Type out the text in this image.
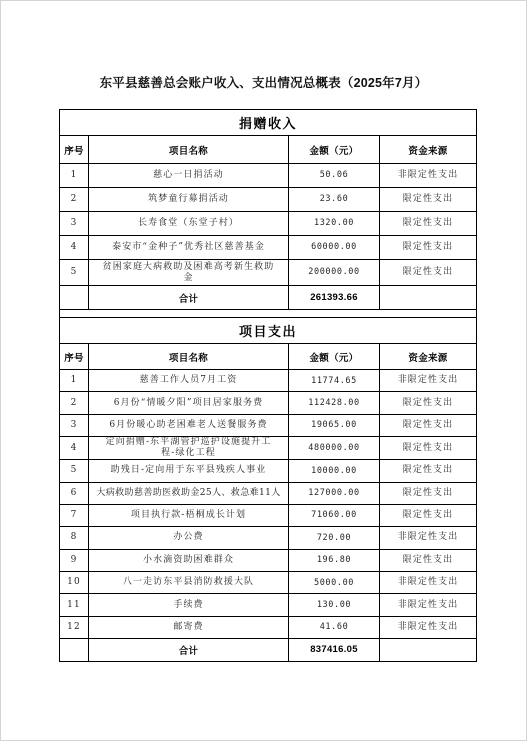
东平县慈善总会账户收入、支出情况总概表（2025年7月）
捐赠收入			
序号	项目名称	金额（元）	资金来源
1	慈心一日捐活动	50.06	非限定性支出
2	筑梦童行募捐活动	23.60	限定性支出
3	长寿食堂（东堂子村）	1320.00	限定性支出
4	泰安市“金种子”优秀社区慈善基金	60000.00	限定性支出
5	贫困家庭大病救助及困难高考新生救助金	200000.00	限定性支出
	合计	261393.66	

项目支出			
序号	项目名称	金额（元）	资金来源
1	慈善工作人员7月工资	11774.65	非限定性支出
2	6月份“情暖夕阳”项目居家服务费	112428.00	限定性支出
3	6月份暖心助老困难老人送餐服务费	19065.00	限定性支出
4	定向捐赠-东平湖管护巡护设施提升工程-绿化工程	480000.00	限定性支出
5	助残日-定向用于东平县残疾人事业	10000.00	限定性支出
6	大病救助慈善助医救助金25人、救急难11人	127000.00	限定性支出
7	项目执行款-梧桐成长计划	71060.00	限定性支出
8	办公费	720.00	非限定性支出
9	小水滴资助困难群众	196.80	限定性支出
10	八一走访东平县消防救援大队	5000.00	非限定性支出
11	手续费	130.00	非限定性支出
12	邮寄费	41.60	非限定性支出
	合计	837416.05	
